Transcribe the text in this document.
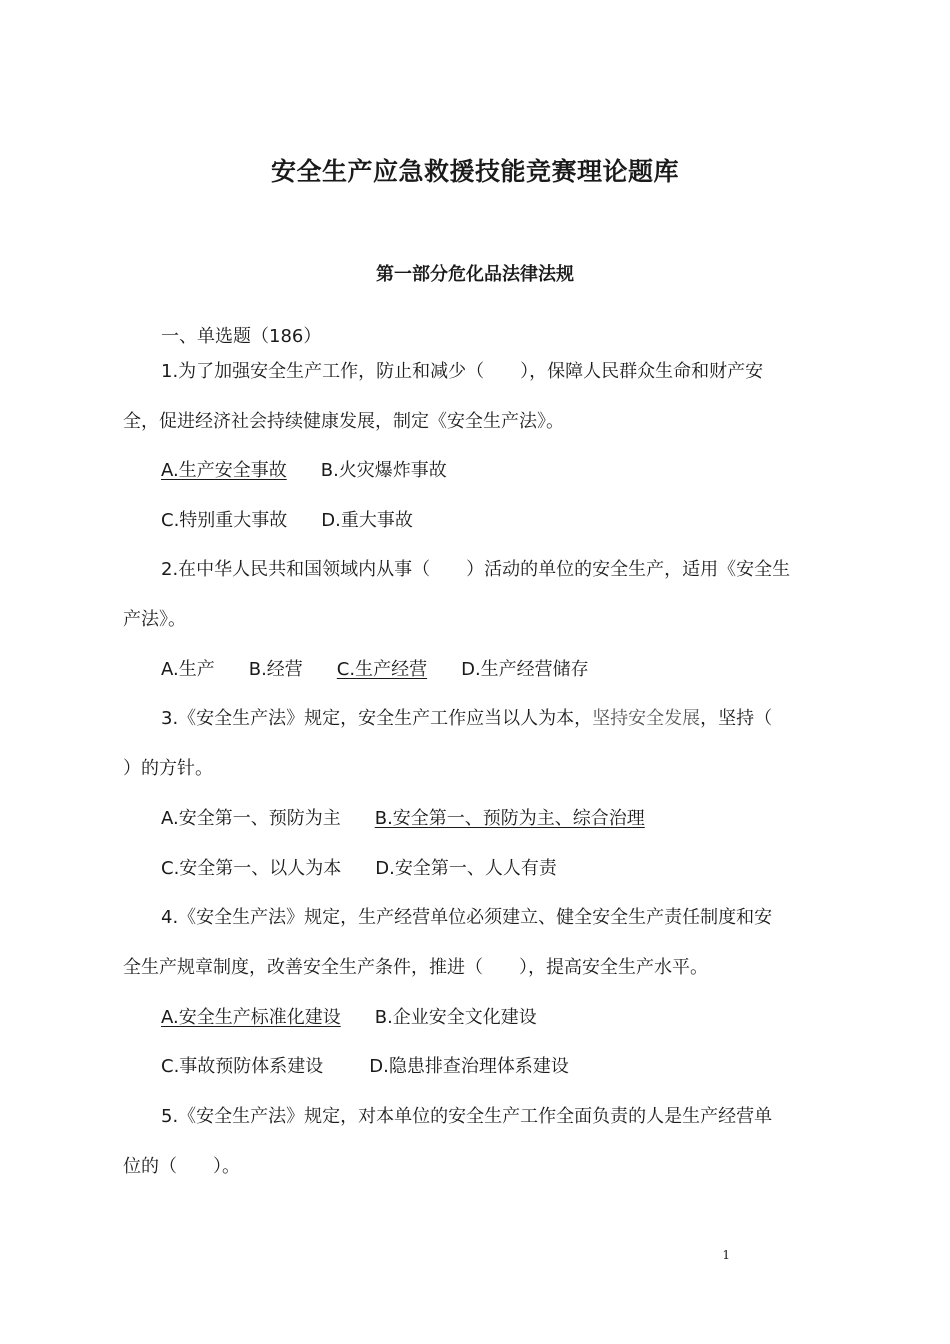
安全生产应急救援技能竞赛理论题库
第一部分危化品法律法规
一、单选题（186）
1.为了加强安全生产工作，防止和减少（　　），保障人民群众生命和财产安
全，促进经济社会持续健康发展，制定《安全生产法》。
A.生产安全事故 B.火灾爆炸事故
C.特别重大事故 D.重大事故
2.在中华人民共和国领域内从事（　　）活动的单位的安全生产，适用《安全生
产法》。
A.生产 B.经营 C.生产经营 D.生产经营储存
3.《安全生产法》规定，安全生产工作应当以人为本，坚持安全发展，坚持（
）的方针。
A.安全第一、预防为主 B.安全第一、预防为主、综合治理
C.安全第一、以人为本 D.安全第一、人人有责
4.《安全生产法》规定，生产经营单位必须建立、健全安全生产责任制度和安
全生产规章制度，改善安全生产条件，推进（　　），提高安全生产水平。
A.安全生产标准化建设 B.企业安全文化建设
C.事故预防体系建设	D.隐患排查治理体系建设
5.《安全生产法》规定，对本单位的安全生产工作全面负责的人是生产经营单
位的（　　）。
1
